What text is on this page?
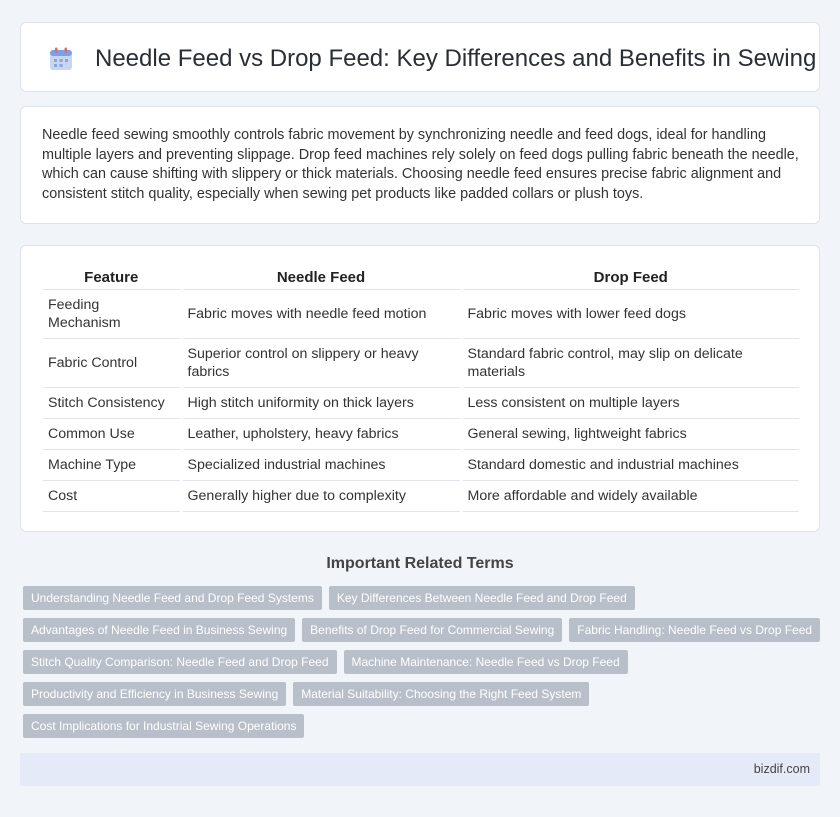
Needle Feed vs Drop Feed: Key Differences and Benefits in Sewing

Needle feed sewing smoothly controls fabric movement by synchronizing needle and feed dogs, ideal for handling multiple layers and preventing slippage. Drop feed machines rely solely on feed dogs pulling fabric beneath the needle, which can cause shifting with slippery or thick materials. Choosing needle feed ensures precise fabric alignment and consistent stitch quality, especially when sewing pet products like padded collars or plush toys.

Feature	Needle Feed	Drop Feed
Feeding Mechanism	Fabric moves with needle feed motion	Fabric moves with lower feed dogs
Fabric Control	Superior control on slippery or heavy fabrics	Standard fabric control, may slip on delicate materials
Stitch Consistency	High stitch uniformity on thick layers	Less consistent on multiple layers
Common Use	Leather, upholstery, heavy fabrics	General sewing, lightweight fabrics
Machine Type	Specialized industrial machines	Standard domestic and industrial machines
Cost	Generally higher due to complexity	More affordable and widely available
Important Related Terms
Understanding Needle Feed and Drop Feed Systems	Key Differences Between Needle Feed and Drop Feed
Advantages of Needle Feed in Business Sewing	Benefits of Drop Feed for Commercial Sewing	Fabric Handling: Needle Feed vs Drop Feed
Stitch Quality Comparison: Needle Feed and Drop Feed	Machine Maintenance: Needle Feed vs Drop Feed
Productivity and Efficiency in Business Sewing	Material Suitability: Choosing the Right Feed System
Cost Implications for Industrial Sewing Operations
bizdif.com
